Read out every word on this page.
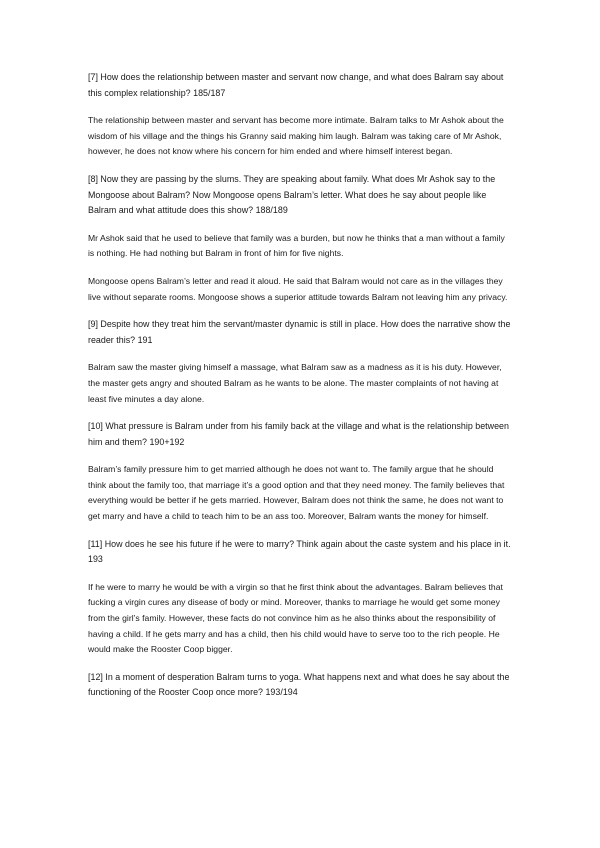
[7] How does the relationship between master and servant now change, and what does Balram say about this complex relationship? 185/187

The relationship between master and servant has become more intimate. Balram talks to Mr Ashok about the wisdom of his village and the things his Granny said making him laugh. Balram was taking care of Mr Ashok, however, he does not know where his concern for him ended and where himself interest began.

[8] Now they are passing by the slums. They are speaking about family. What does Mr Ashok say to the Mongoose about Balram? Now Mongoose opens Balram’s letter. What does he say about people like Balram and what attitude does this show? 188/189

Mr Ashok said that he used to believe that family was a burden, but now he thinks that a man without a family is nothing. He had nothing but Balram in front of him for five nights.

Mongoose opens Balram’s letter and read it aloud. He said that Balram would not care as in the villages they live without separate rooms. Mongoose shows a superior attitude towards Balram not leaving him any privacy.

[9] Despite how they treat him the servant/master dynamic is still in place. How does the narrative show the reader this? 191

Balram saw the master giving himself a massage, what Balram saw as a madness as it is his duty. However, the master gets angry and shouted Balram as he wants to be alone. The master complaints of not having at least five minutes a day alone.

[10] What pressure is Balram under from his family back at the village and what is the relationship between him and them? 190+192

Balram’s family pressure him to get married although he does not want to. The family argue that he should think about the family too, that marriage it’s a good option and that they need money. The family believes that everything would be better if he gets married. However, Balram does not think the same, he does not want to get marry and have a child to teach him to be an ass too. Moreover, Balram wants the money for himself.

[11] How does he see his future if he were to marry? Think again about the caste system and his place in it. 193

If he were to marry he would be with a virgin so that he first think about the advantages. Balram believes that fucking a virgin cures any disease of body or mind. Moreover, thanks to marriage he would get some money from the girl’s family. However, these facts do not convince him as he also thinks about the responsibility of having a child. If he gets marry and has a child, then his child would have to serve too to the rich people. He would make the Rooster Coop bigger.

[12] In a moment of desperation Balram turns to yoga. What happens next and what does he say about the functioning of the Rooster Coop once more? 193/194
